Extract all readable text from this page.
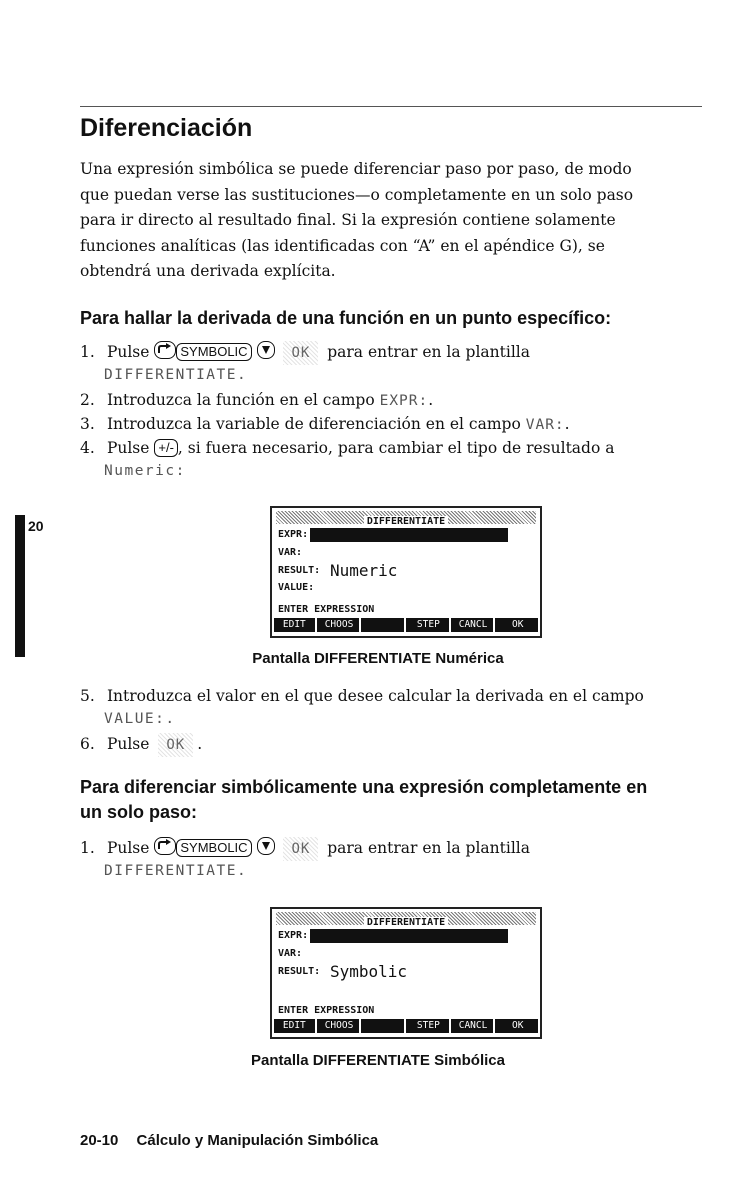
Diferenciación
Una expresión simbólica se puede diferenciar paso por paso, de modo
que puedan verse las sustituciones—o completamente en un solo paso
para ir directo al resultado final. Si la expresión contiene solamente
funciones analíticas (las identificadas con “A” en el apéndice G), se
obtendrá una derivada explícita.
Para hallar la derivada de una función en un punto específico:
1. Pulse SYMBOLIC	OK para entrar en la plantilla
DIFFERENTIATE.
2. Introduzca la función en el campo EXPR:.
3. Introduzca la variable de diferenciación en el campo VAR:.
4. Pulse +/- , si fuera necesario, para cambiar el tipo de resultado a
Numeric:
20	DIFFERENTIATE
EXPR:
VAR:
RESULT: Numeric
VALUE:
ENTER EXPRESSION
EDIT	CHOOS	STEP	CANCL	OK
Pantalla DIFFERENTIATE Numérica
5. Introduzca el valor en el que desee calcular la derivada en el campo
VALUE:.
6. Pulse OK .
Para diferenciar simbólicamente una expresión completamente en
un solo paso:
1. Pulse SYMBOLIC	OK para entrar en la plantilla
DIFFERENTIATE.
DIFFERENTIATE
EXPR:
VAR:
RESULT: Symbolic
ENTER EXPRESSION
EDIT	CHOOS	STEP	CANCL	OK
Pantalla DIFFERENTIATE Simbólica
20-10 Cálculo y Manipulación Simbólica
